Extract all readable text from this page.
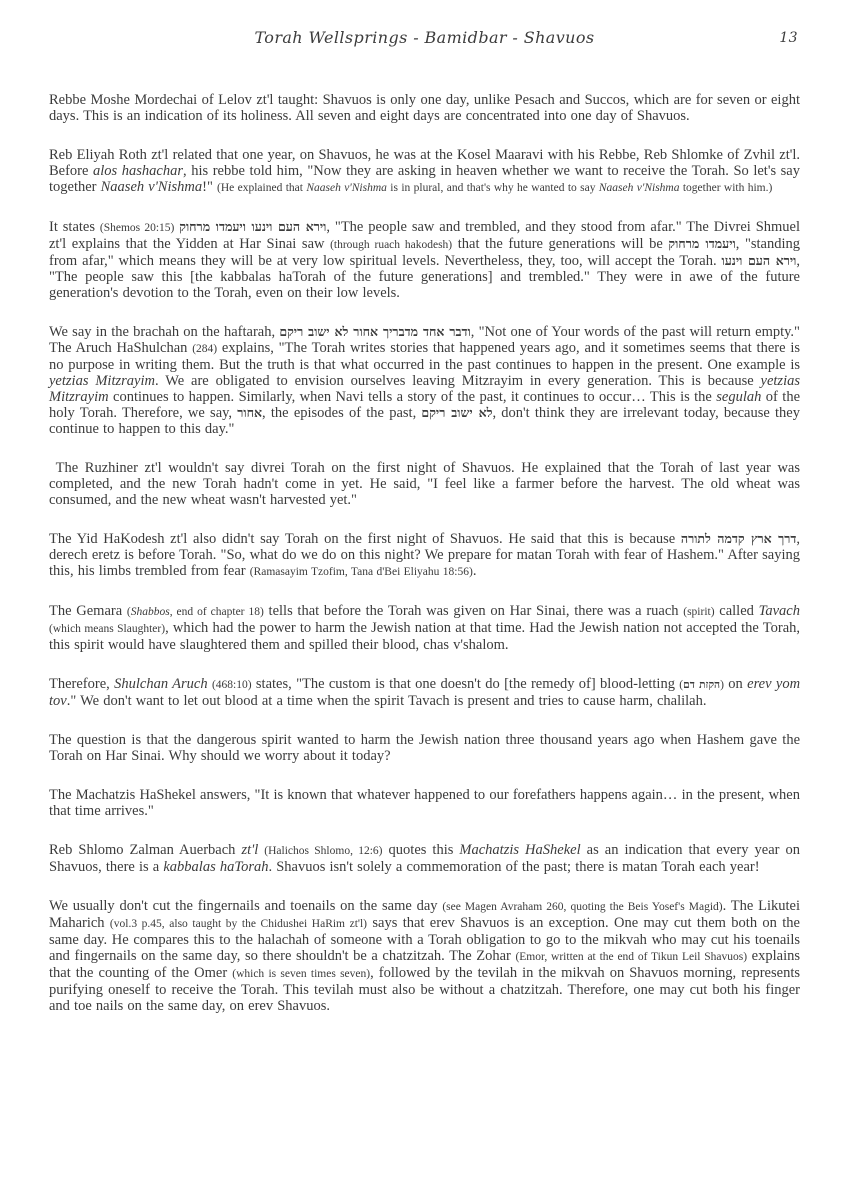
Torah Wellsprings - Bamidbar - Shavuos	13

Rebbe Moshe Mordechai of Lelov zt'l taught: Shavuos is only one day, unlike Pesach and Succos, which are for seven or eight days. This is an indication of its holiness. All seven and eight days are concentrated into one day of Shavuos.

Reb Eliyah Roth zt'l related that one year, on Shavuos, he was at the Kosel Maaravi with his Rebbe, Reb Shlomke of Zvhil zt'l. Before alos hashachar, his rebbe told him, "Now they are asking in heaven whether we want to receive the Torah. So let's say together Naaseh v'Nishma!" (He explained that Naaseh v'Nishma is in plural, and that's why he wanted to say Naaseh v'Nishma together with him.)

It states (Shemos 20:15) וירא העם וינעו ויעמדו מרחוק, "The people saw and trembled, and they stood from afar." The Divrei Shmuel zt'l explains that the Yidden at Har Sinai saw (through ruach hakodesh) that the future generations will be ויעמדו מרחוק, "standing from afar," which means they will be at very low spiritual levels. Nevertheless, they, too, will accept the Torah. וירא העם וינעו, "The people saw this [the kabbalas haTorah of the future generations] and trembled." They were in awe of the future generation's devotion to the Torah, even on their low levels.

We say in the brachah on the haftarah, ודבר אחד מדבריך אחור לא ישוב ריקם, "Not one of Your words of the past will return empty." The Aruch HaShulchan (284) explains, "The Torah writes stories that happened years ago, and it sometimes seems that there is no purpose in writing them. But the truth is that what occurred in the past continues to happen in the present. One example is yetzias Mitzrayim. We are obligated to envision ourselves leaving Mitzrayim in every generation. This is because yetzias Mitzrayim continues to happen. Similarly, when Navi tells a story of the past, it continues to occur… This is the segulah of the holy Torah. Therefore, we say, אחור, the episodes of the past, לא ישוב ריקם, don't think they are irrelevant today, because they continue to happen to this day."

The Ruzhiner zt'l wouldn't say divrei Torah on the first night of Shavuos. He explained that the Torah of last year was completed, and the new Torah hadn't come in yet. He said, "I feel like a farmer before the harvest. The old wheat was consumed, and the new wheat wasn't harvested yet."

The Yid HaKodesh zt'l also didn't say Torah on the first night of Shavuos. He said that this is because דרך ארץ קדמה לתורה, derech eretz is before Torah. "So, what do we do on this night? We prepare for matan Torah with fear of Hashem." After saying this, his limbs trembled from fear (Ramasayim Tzofim, Tana d'Bei Eliyahu 18:56).

The Gemara (Shabbos, end of chapter 18) tells that before the Torah was given on Har Sinai, there was a ruach (spirit) called Tavach (which means Slaughter), which had the power to harm the Jewish nation at that time. Had the Jewish nation not accepted the Torah, this spirit would have slaughtered them and spilled their blood, chas v'shalom.

Therefore, Shulchan Aruch (468:10) states, "The custom is that one doesn't do [the remedy of] blood-letting (הקזת דם) on erev yom tov." We don't want to let out blood at a time when the spirit Tavach is present and tries to cause harm, chalilah.

The question is that the dangerous spirit wanted to harm the Jewish nation three thousand years ago when Hashem gave the Torah on Har Sinai. Why should we worry about it today?

The Machatzis HaShekel answers, "It is known that whatever happened to our forefathers happens again… in the present, when that time arrives."

Reb Shlomo Zalman Auerbach zt'l (Halichos Shlomo, 12:6) quotes this Machatzis HaShekel as an indication that every year on Shavuos, there is a kabbalas haTorah. Shavuos isn't solely a commemoration of the past; there is matan Torah each year!

We usually don't cut the fingernails and toenails on the same day (see Magen Avraham 260, quoting the Beis Yosef's Magid). The Likutei Maharich (vol.3 p.45, also taught by the Chidushei HaRim zt'l) says that erev Shavuos is an exception. One may cut them both on the same day. He compares this to the halachah of someone with a Torah obligation to go to the mikvah who may cut his toenails and fingernails on the same day, so there shouldn't be a chatzitzah. The Zohar (Emor, written at the end of Tikun Leil Shavuos) explains that the counting of the Omer (which is seven times seven), followed by the tevilah in the mikvah on Shavuos morning, represents purifying oneself to receive the Torah. This tevilah must also be without a chatzitzah. Therefore, one may cut both his finger and toe nails on the same day, on erev Shavuos.
